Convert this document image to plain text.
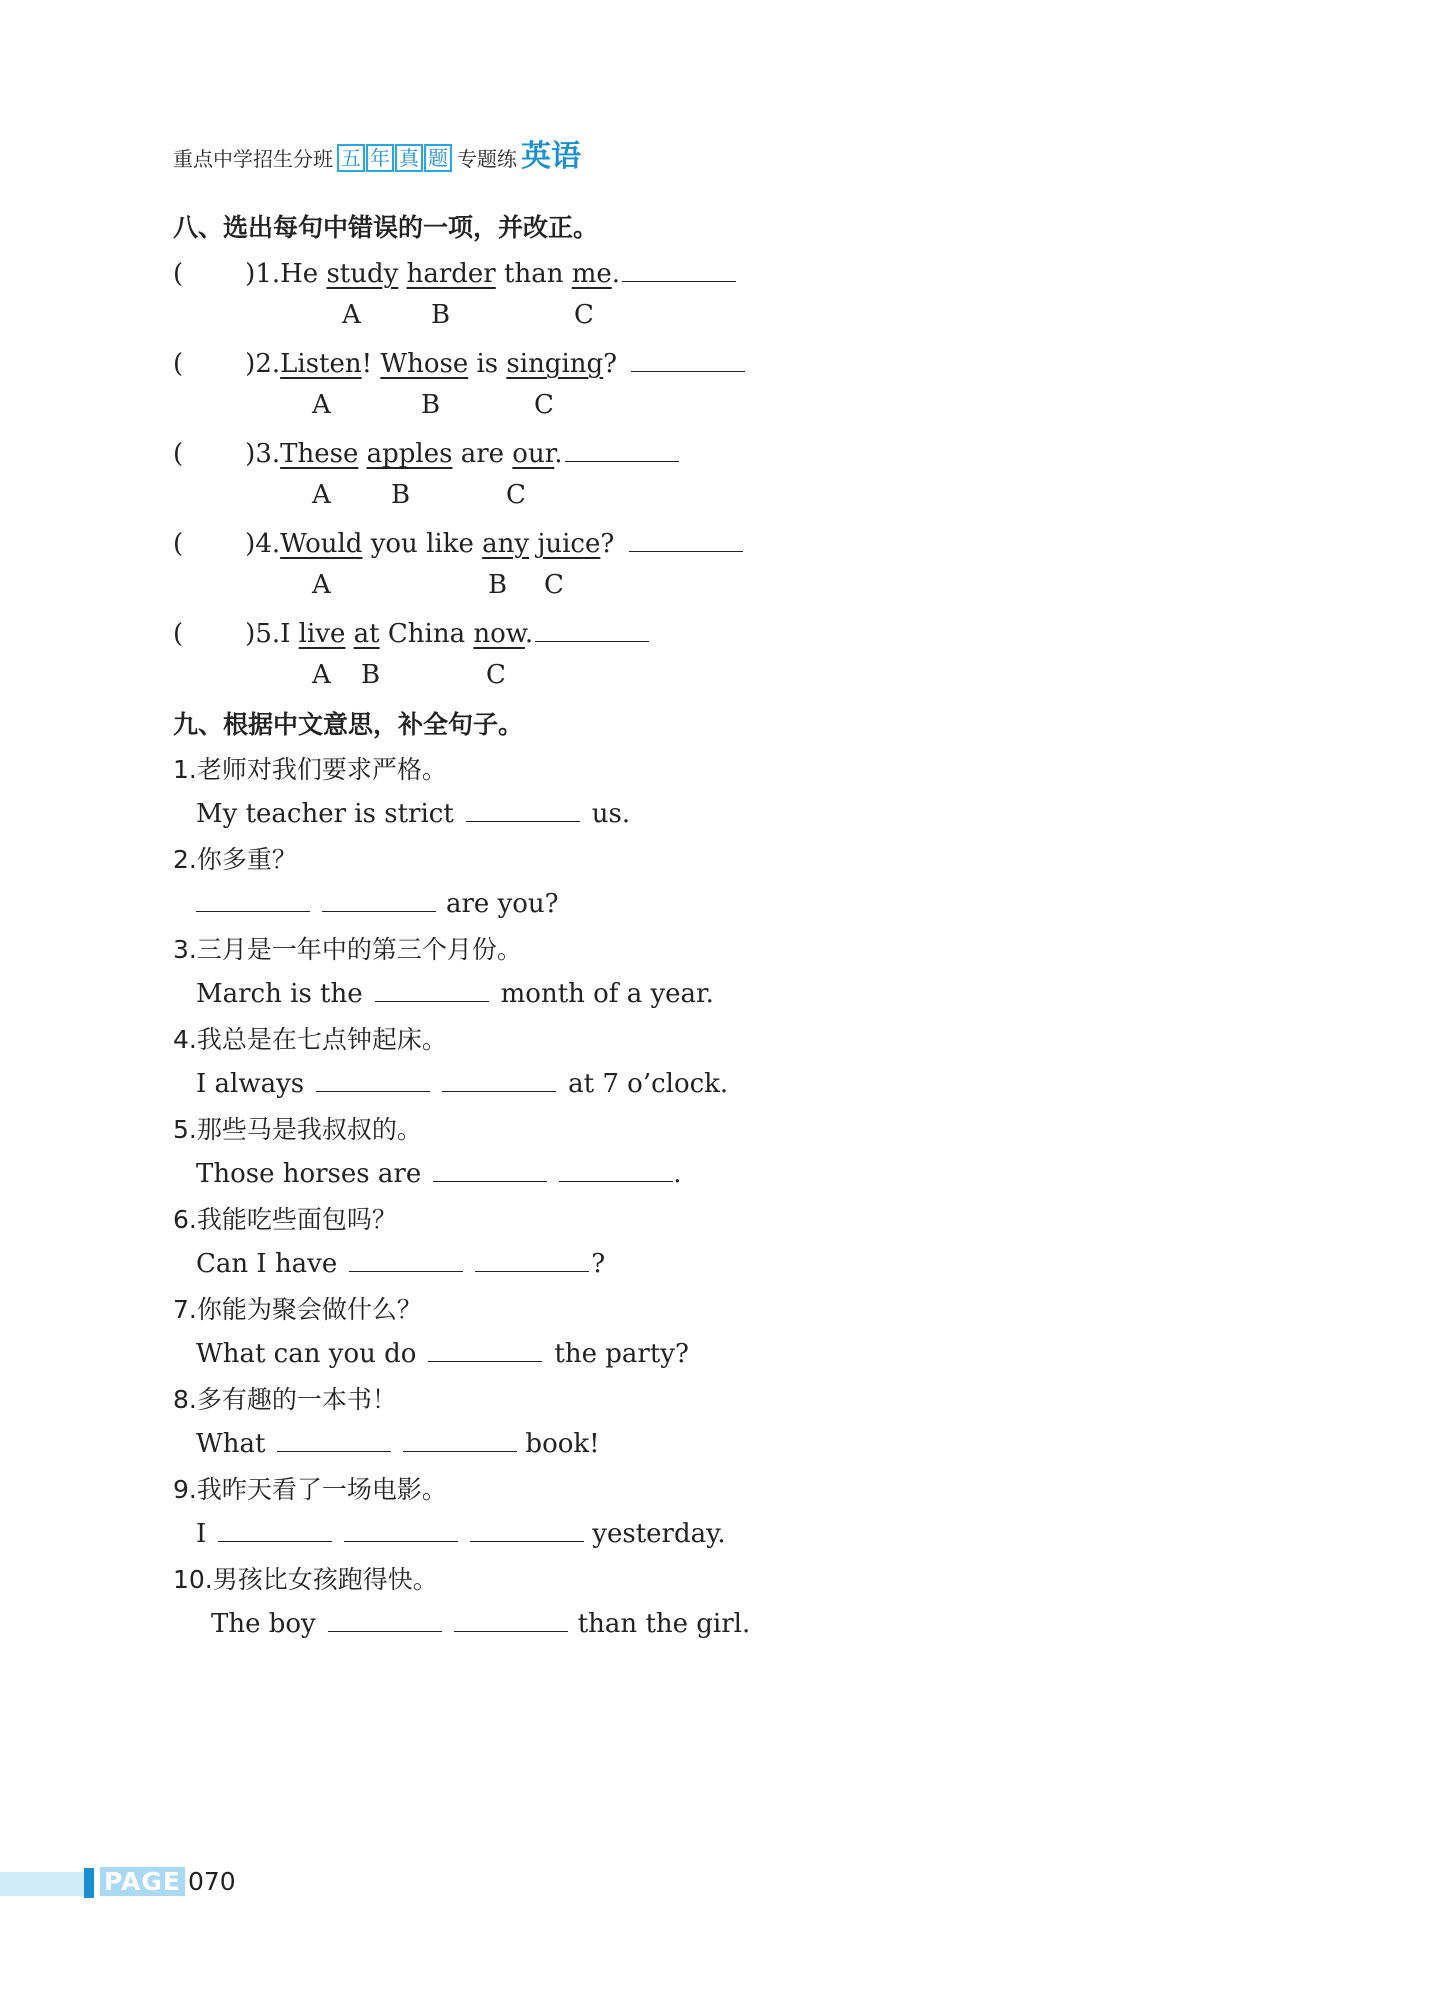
重点中学招生分班 五 年 真 题 专题练 英语
八、选出每句中错误的一项，并改正。
( )1.He study harder than me.
A	B	C
( )2.Listen! Whose is singing?
A	B	C
( )3.These apples are our.
A B	C
( )4.Would you like any juice?
A	B C
( )5.I live at China now.
A B	C
九、根据中文意思，补全句子。
1.老师对我们要求严格。
My teacher is strict	us.
2.你多重？
are you?
3.三月是一年中的第三个月份。
March is the	month of a year.
4.我总是在七点钟起床。
I always	at 7 o’clock.
5.那些马是我叔叔的。
Those horses are	.
6.我能吃些面包吗？
Can I have	?
7.你能为聚会做什么？
What can you do	the party?
8.多有趣的一本书！
What	book!
9.我昨天看了一场电影。
I	yesterday.
10.男孩比女孩跑得快。
The boy	than the girl.
PAGE 070
